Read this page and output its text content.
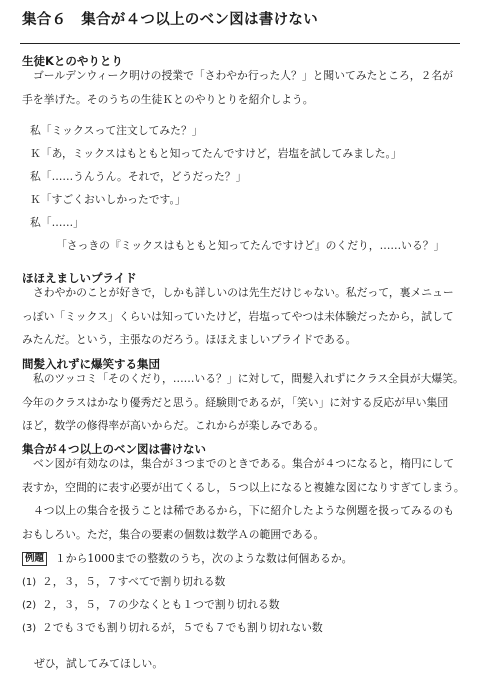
集合６　集合が４つ以上のベン図は書けない
生徒Kとのやりとり
ゴールデンウィーク明けの授業で「さわやか行った人？」と聞いてみたところ，２名が
手を挙げた。そのうちの生徒Ｋとのやりとりを紹介しよう。
私「ミックスって注文してみた？」
Ｋ「あ，ミックスはもともと知ってたんですけど，岩塩を試してみました。」
私「……うんうん。それで，どうだった？」
Ｋ「すごくおいしかったです。」
私「……」
「さっきの『ミックスはもともと知ってたんですけど』のくだり，……いる？」
ほほえましいプライド
さわやかのことが好きで，しかも詳しいのは先生だけじゃない。私だって，裏メニュー
っぽい「ミックス」くらいは知っていたけど，岩塩ってやつは未体験だったから，試して
みたんだ。という，主張なのだろう。ほほえましいプライドである。
間髪入れずに爆笑する集団
私のツッコミ「そのくだり，……いる？」に対して，間髪入れずにクラス全員が大爆笑。
今年のクラスはかなり優秀だと思う。経験則であるが，「笑い」に対する反応が早い集団
ほど，数学の修得率が高いからだ。これからが楽しみである。
集合が４つ以上のベン図は書けない
ベン図が有効なのは，集合が３つまでのときである。集合が４つになると，楕円にして
表すか，空間的に表す必要が出てくるし，５つ以上になると複雑な図になりすぎてしまう。
４つ以上の集合を扱うことは稀であるから，下に紹介したような例題を扱ってみるのも
おもしろい。ただ，集合の要素の個数は数学Ａの範囲である。
例題 １から1000までの整数のうち，次のような数は何個あるか。
(1) ２，３，５，７すべてで割り切れる数
(2) ２，３，５，７の少なくとも１つで割り切れる数
(3) ２でも３でも割り切れるが，５でも７でも割り切れない数
ぜひ，試してみてほしい。
